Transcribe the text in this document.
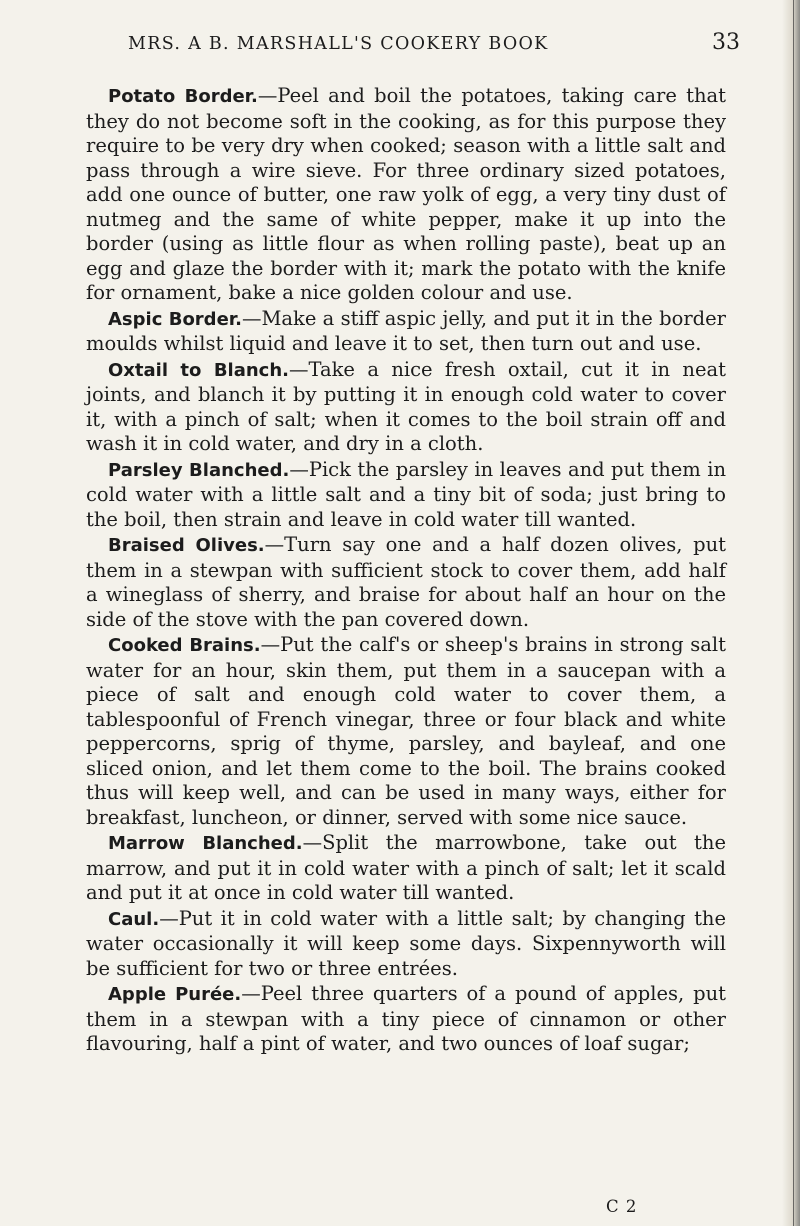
MRS. A B. MARSHALL'S COOKERY BOOK	33

Potato Border.—Peel and boil the potatoes, taking care that they do not become soft in the cooking, as for this purpose they require to be very dry when cooked; season with a little salt and pass through a wire sieve. For three ordinary sized potatoes, add one ounce of butter, one raw yolk of egg, a very tiny dust of nutmeg and the same of white pepper, make it up into the border (using as little flour as when rolling paste), beat up an egg and glaze the border with it; mark the potato with the knife for ornament, bake a nice golden colour and use.

Aspic Border.—Make a stiff aspic jelly, and put it in the border moulds whilst liquid and leave it to set, then turn out and use.

Oxtail to Blanch.—Take a nice fresh oxtail, cut it in neat joints, and blanch it by putting it in enough cold water to cover it, with a pinch of salt; when it comes to the boil strain off and wash it in cold water, and dry in a cloth.

Parsley Blanched.—Pick the parsley in leaves and put them in cold water with a little salt and a tiny bit of soda; just bring to the boil, then strain and leave in cold water till wanted.

Braised Olives.—Turn say one and a half dozen olives, put them in a stewpan with sufficient stock to cover them, add half a wineglass of sherry, and braise for about half an hour on the side of the stove with the pan covered down.

Cooked Brains.—Put the calf's or sheep's brains in strong salt water for an hour, skin them, put them in a saucepan with a piece of salt and enough cold water to cover them, a tablespoonful of French vinegar, three or four black and white peppercorns, sprig of thyme, parsley, and bayleaf, and one sliced onion, and let them come to the boil. The brains cooked thus will keep well, and can be used in many ways, either for breakfast, luncheon, or dinner, served with some nice sauce.

Marrow Blanched.—Split the marrowbone, take out the marrow, and put it in cold water with a pinch of salt; let it scald and put it at once in cold water till wanted.

Caul.—Put it in cold water with a little salt; by changing the water occasionally it will keep some days. Sixpennyworth will be sufficient for two or three entrées.

Apple Purée.—Peel three quarters of a pound of apples, put them in a stewpan with a tiny piece of cinnamon or other flavouring, half a pint of water, and two ounces of loaf sugar;

C 2
